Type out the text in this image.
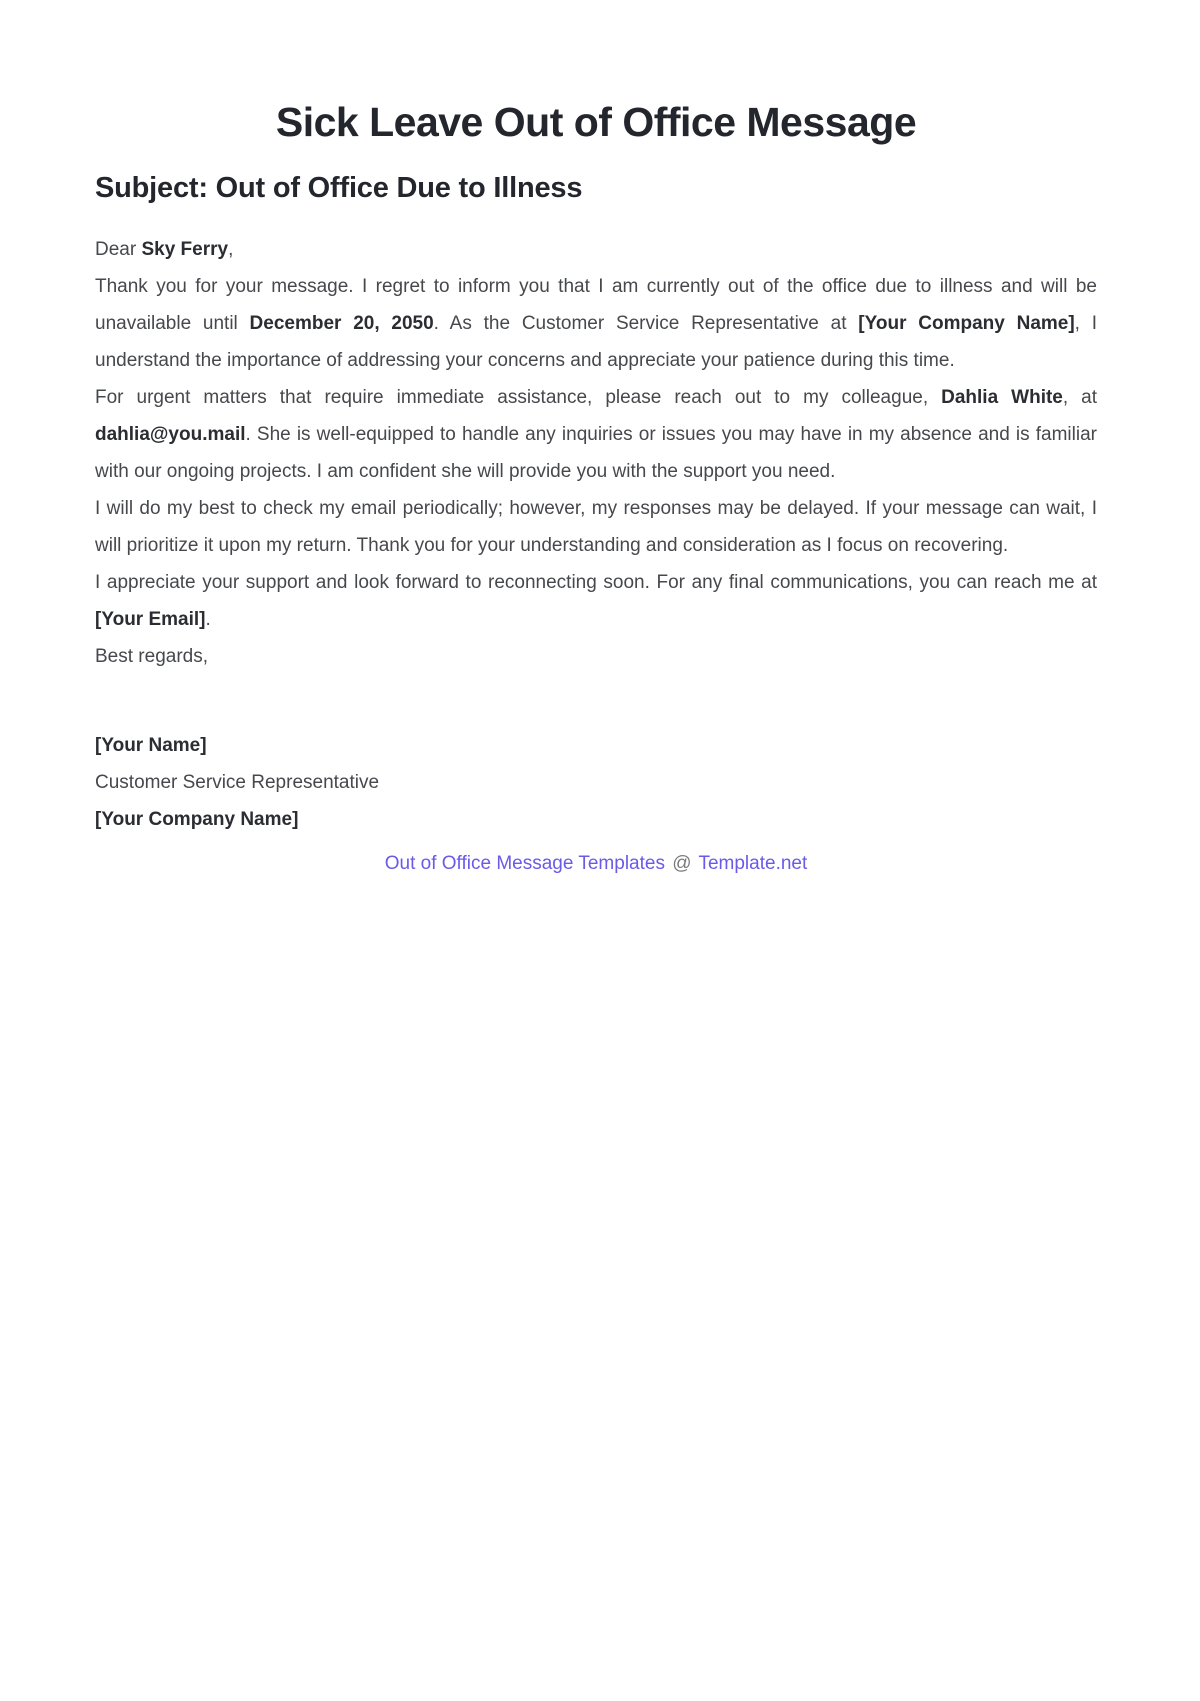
Sick Leave Out of Office Message
Subject: Out of Office Due to Illness

Dear Sky Ferry,

Thank you for your message. I regret to inform you that I am currently out of the office due to illness and will be unavailable until December 20, 2050. As the Customer Service Representative at [Your Company Name], I understand the importance of addressing your concerns and appreciate your patience during this time.

For urgent matters that require immediate assistance, please reach out to my colleague, Dahlia White, at dahlia@you.mail. She is well-equipped to handle any inquiries or issues you may have in my absence and is familiar with our ongoing projects. I am confident she will provide you with the support you need.

I will do my best to check my email periodically; however, my responses may be delayed. If your message can wait, I will prioritize it upon my return. Thank you for your understanding and consideration as I focus on recovering.

I appreciate your support and look forward to reconnecting soon. For any final communications, you can reach me at [Your Email].

Best regards,

[Your Name]

Customer Service Representative

[Your Company Name]

Out of Office Message Templates @ Template.net
